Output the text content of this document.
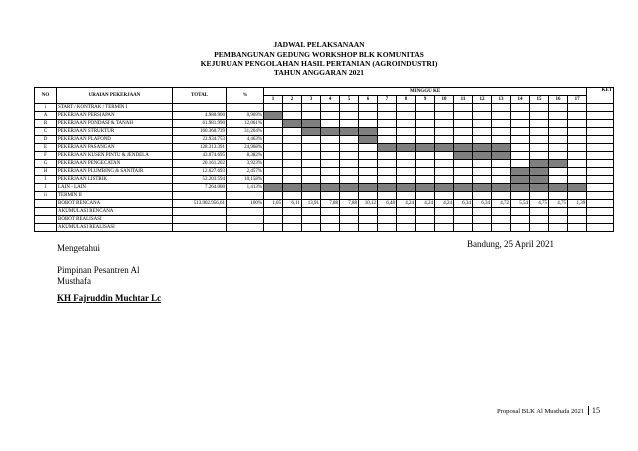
JADWAL PELAKSANAAN
PEMBANGUNAN GEDUNG WORKSHOP BLK KOMUNITAS
KEJURUAN PENGOLAHAN HASIL PERTANIAN (AGROINDUSTRI)
TAHUN ANGGARAN 2021
NO	URAIAN PEKERJAAN	TOTAL	%	MINGGU KE																	KET
				1	2	3	4	5	6	7	8	9	10	11	12	13	14	15	16	17	
i	START / KONTRAK / TERMIN I																				
A	PEKERJAAN PERSIAPAN	4.980.900	0,969%																		
B	PEKERJAAN PONDASI & TANAH	61.981.990	12,061%																		
C	PEKERJAAN STRUKTUR	160.360.739	31,204%																		
D	PEKERJAAN PLAFOND	22.934.753	4,463%																		
E	PEKERJAAN PASANGAN	128.313.391	24,968%																		
F	PEKERJAAN KUSEN PINTU & JENDELA	43.074.695	8,382%																		
G	PEKERJAAN PENGECATAN	20.161.202	3,923%																		
H	PEKERJAAN PLUMBING & SANITAIR	12.627.693	2,457%																		
I	PEKERJAAN LISTRIK	52.203.594	10,158%																		
J	LAIN - LAIN	7.264.000	1,413%																		
ii	TERMIN II																				
	BOBOT RENCANA	513.902.956,61	100%	1,05	6,11	13,91	7,88	7,88	10,12	6,48	4,24	4,24	4,24	6,34	6,34	4,72	5,54	4,75	4,75	1,39	
	AKUMULASI RENCANA																				
	BOBOT REALISASI																				
	AKUMULASI REALISASI																				
Mengetahui
Pimpinan Pesantren Al
Musthafa
KH Fajruddin Muchtar Lc
Bandung, 25 April 2021
Proposal BLK Al Musthafa 2021 15
